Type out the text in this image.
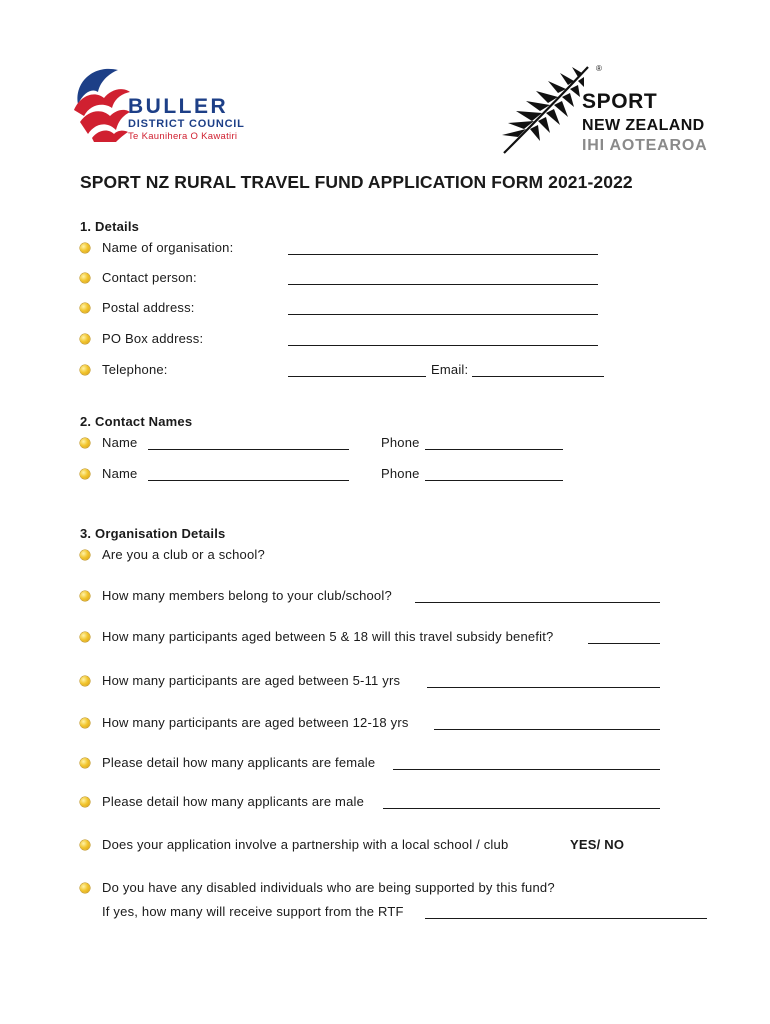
BULLER
DISTRICT COUNCIL
Te Kaunihera O Kawatiri
®
SPORT
NEW ZEALAND
IHI AOTEAROA
SPORT NZ RURAL TRAVEL FUND APPLICATION FORM 2021-2022
1. Details
Name of organisation:
Contact person:
Postal address:
PO Box address:
Telephone:	Email:
2. Contact Names
Name	Phone
Name	Phone
3. Organisation Details
Are you a club or a school?
How many members belong to your club/school?
How many participants aged between 5 & 18 will this travel subsidy benefit?
How many participants are aged between 5-11 yrs
How many participants are aged between 12-18 yrs
Please detail how many applicants are female
Please detail how many applicants are male
Does your application involve a partnership with a local school / club	YES/ NO
Do you have any disabled individuals who are being supported by this fund?
If yes, how many will receive support from the RTF
